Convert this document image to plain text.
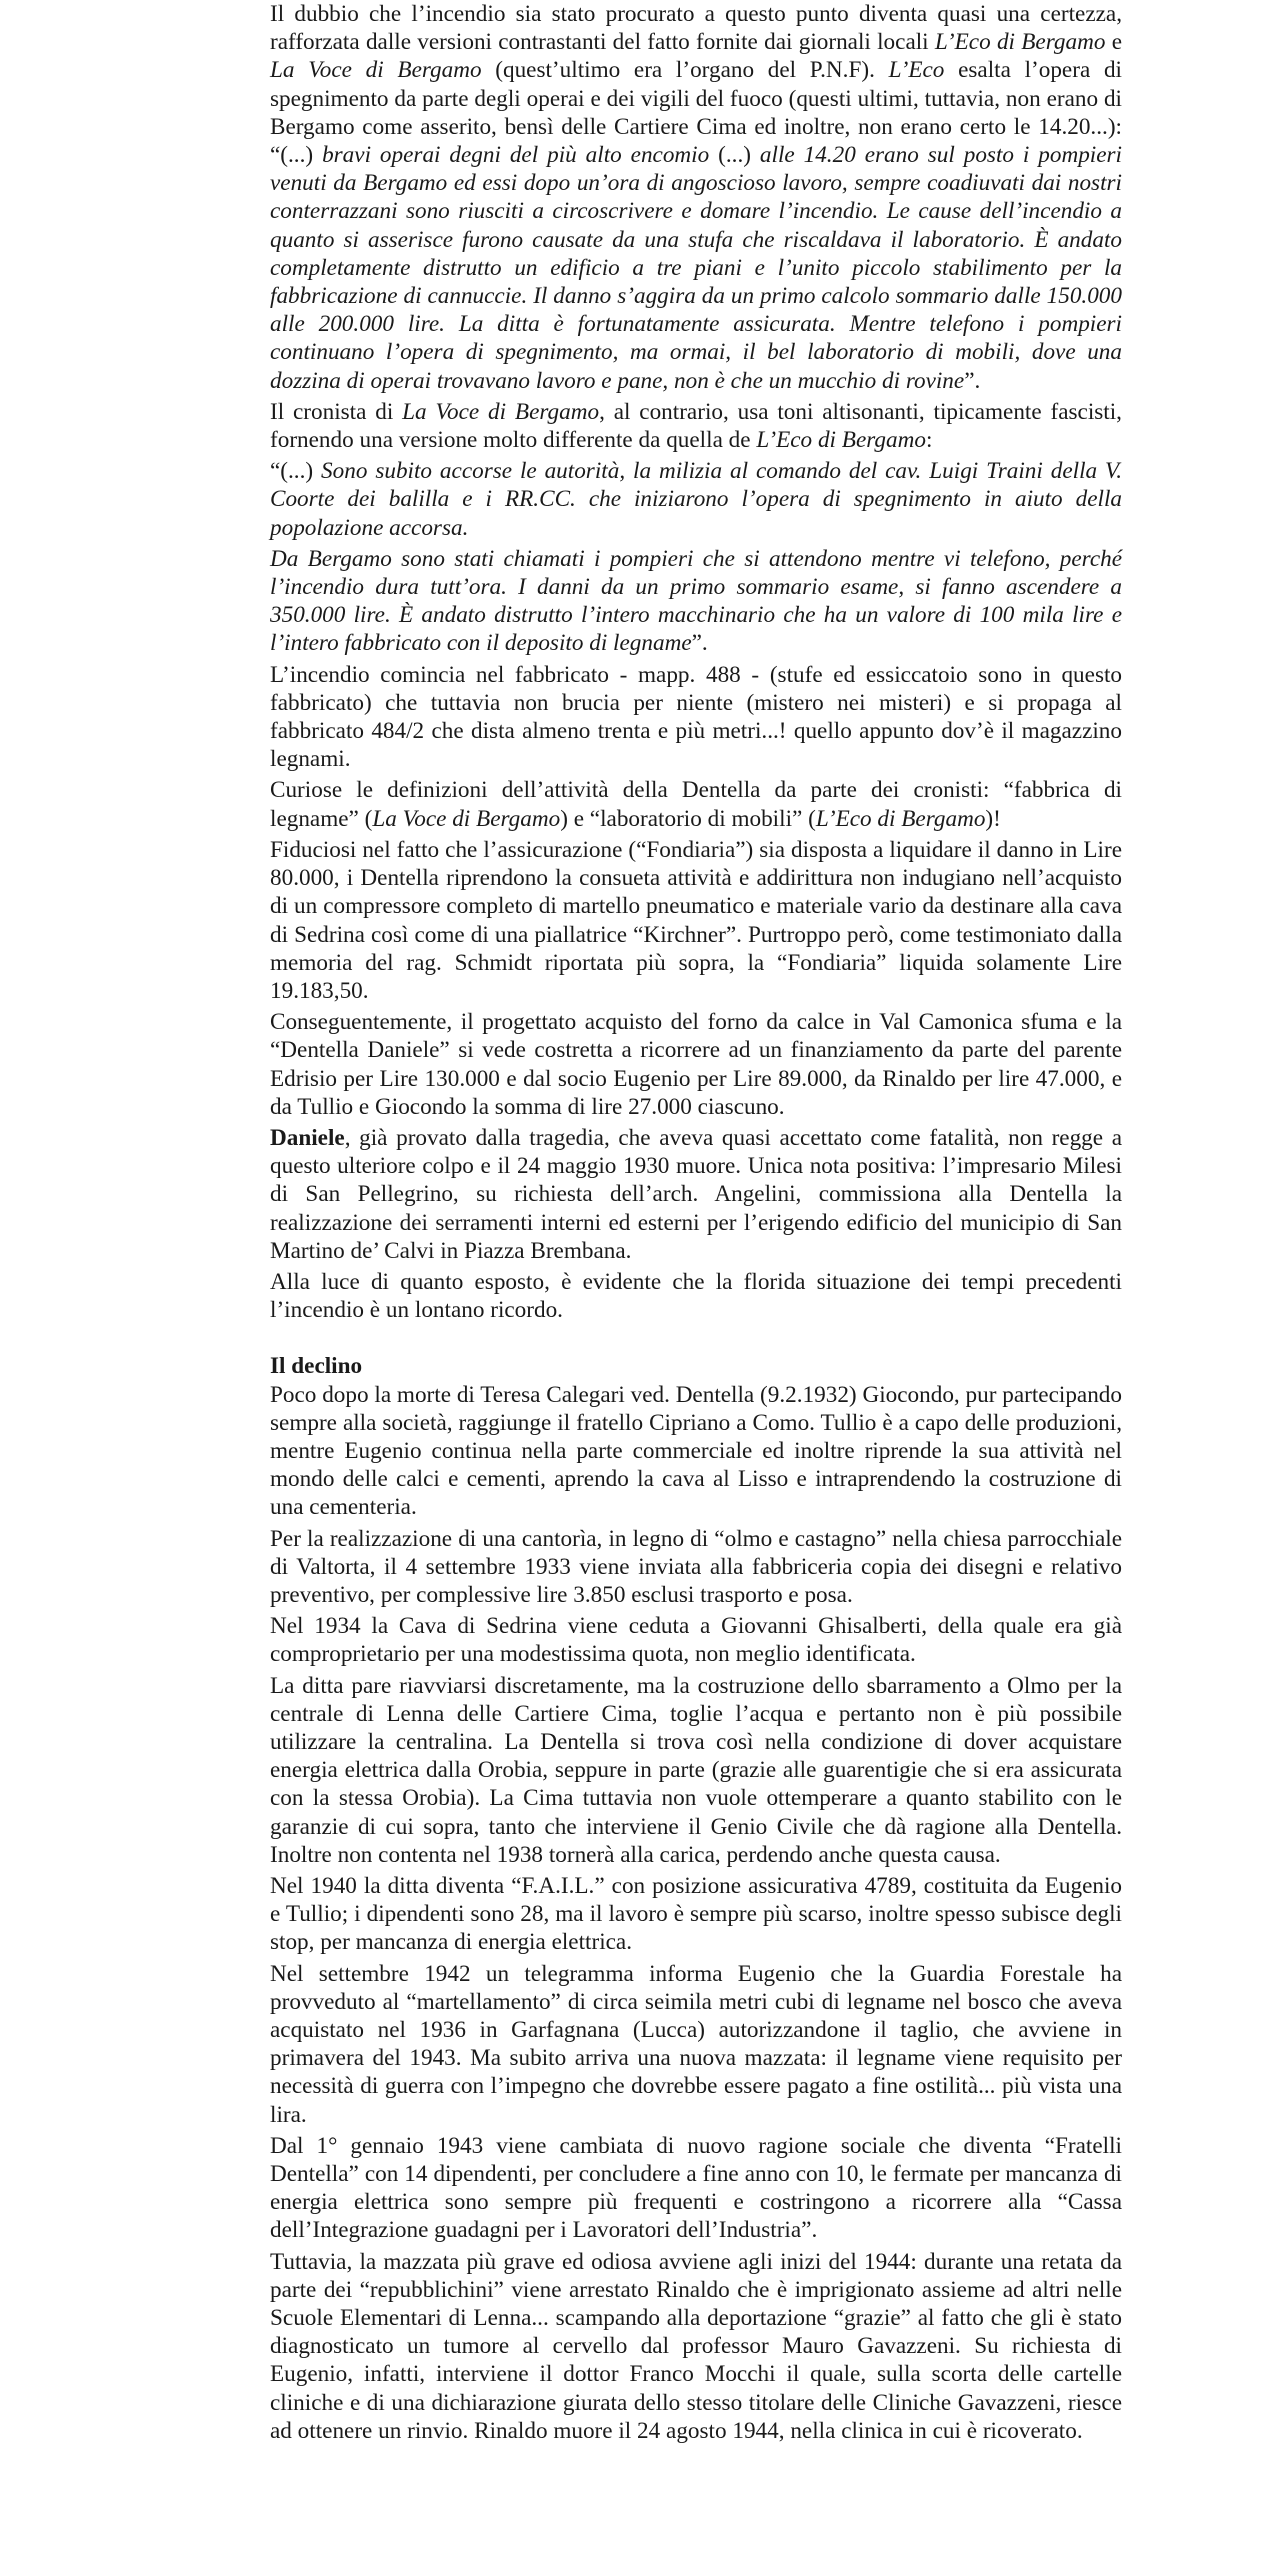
Il dubbio che l’incendio sia stato procurato a questo punto diventa quasi una certezza, rafforzata dalle versioni contrastanti del fatto fornite dai giornali locali L’Eco di Bergamo e La Voce di Bergamo (quest’ultimo era l’organo del P.N.F). L’Eco esalta l’opera di spegnimento da parte degli operai e dei vigili del fuoco (questi ultimi, tuttavia, non erano di Bergamo come asserito, bensì delle Cartiere Cima ed inoltre, non erano certo le 14.20...): “(...) bravi operai degni del più alto encomio (...) alle 14.20 erano sul posto i pompieri venuti da Bergamo ed essi dopo un’ora di angoscioso lavoro, sempre coadiuvati dai nostri conterrazzani sono riusciti a circoscrivere e domare l’incendio. Le cause dell’incendio a quanto si asserisce furono causate da una stufa che riscaldava il laboratorio. È andato completamente distrutto un edificio a tre piani e l’unito piccolo stabilimento per la fabbricazione di cannuccie. Il danno s’aggira da un primo calcolo sommario dalle 150.000 alle 200.000 lire. La ditta è fortunatamente assicurata. Mentre telefono i pompieri continuano l’opera di spegnimento, ma ormai, il bel laboratorio di mobili, dove una dozzina di operai trovavano lavoro e pane, non è che un mucchio di rovine”.

Il cronista di La Voce di Bergamo, al contrario, usa toni altisonanti, tipicamente fascisti, fornendo una versione molto differente da quella de L’Eco di Bergamo:

“(...) Sono subito accorse le autorità, la milizia al comando del cav. Luigi Traini della V. Coorte dei balilla e i RR.CC. che iniziarono l’opera di spegnimento in aiuto della popolazione accorsa.

Da Bergamo sono stati chiamati i pompieri che si attendono mentre vi telefono, perché l’incendio dura tutt’ora. I danni da un primo sommario esame, si fanno ascendere a 350.000 lire. È andato distrutto l’intero macchinario che ha un valore di 100 mila lire e l’intero fabbricato con il deposito di legname”.

L’incendio comincia nel fabbricato - mapp. 488 - (stufe ed essiccatoio sono in questo fabbricato) che tuttavia non brucia per niente (mistero nei misteri) e si propaga al fabbricato 484/2 che dista almeno trenta e più metri...! quello appunto dov’è il magazzino legnami.

Curiose le definizioni dell’attività della Dentella da parte dei cronisti: “fabbrica di legname” (La Voce di Bergamo) e “laboratorio di mobili” (L’Eco di Bergamo)!

Fiduciosi nel fatto che l’assicurazione (“Fondiaria”) sia disposta a liquidare il danno in Lire 80.000, i Dentella riprendono la consueta attività e addirittura non indugiano nell’acquisto di un compressore completo di martello pneumatico e materiale vario da destinare alla cava di Sedrina così come di una piallatrice “Kirchner”. Purtroppo però, come testimoniato dalla memoria del rag. Schmidt riportata più sopra, la “Fondiaria” liquida solamente Lire 19.183,50.

Conseguentemente, il progettato acquisto del forno da calce in Val Camonica sfuma e la “Dentella Daniele” si vede costretta a ricorrere ad un finanziamento da parte del parente Edrisio per Lire 130.000 e dal socio Eugenio per Lire 89.000, da Rinaldo per lire 47.000, e da Tullio e Giocondo la somma di lire 27.000 ciascuno.

Daniele, già provato dalla tragedia, che aveva quasi accettato come fatalità, non regge a questo ulteriore colpo e il 24 maggio 1930 muore. Unica nota positiva: l’impresario Milesi di San Pellegrino, su richiesta dell’arch. Angelini, commissiona alla Dentella la realizzazione dei serramenti interni ed esterni per l’erigendo edificio del municipio di San Martino de’ Calvi in Piazza Brembana.

Alla luce di quanto esposto, è evidente che la florida situazione dei tempi precedenti l’incendio è un lontano ricordo.

Il declino

Poco dopo la morte di Teresa Calegari ved. Dentella (9.2.1932) Giocondo, pur partecipando sempre alla società, raggiunge il fratello Cipriano a Como. Tullio è a capo delle produzioni, mentre Eugenio continua nella parte commerciale ed inoltre riprende la sua attività nel mondo delle calci e cementi, aprendo la cava al Lisso e intraprendendo la costruzione di una cementeria.

Per la realizzazione di una cantorìa, in legno di “olmo e castagno” nella chiesa parrocchiale di Valtorta, il 4 settembre 1933 viene inviata alla fabbriceria copia dei disegni e relativo preventivo, per complessive lire 3.850 esclusi trasporto e posa.

Nel 1934 la Cava di Sedrina viene ceduta a Giovanni Ghisalberti, della quale era già comproprietario per una modestissima quota, non meglio identificata.

La ditta pare riavviarsi discretamente, ma la costruzione dello sbarramento a Olmo per la centrale di Lenna delle Cartiere Cima, toglie l’acqua e pertanto non è più possibile utilizzare la centralina. La Dentella si trova così nella condizione di dover acquistare energia elettrica dalla Orobia, seppure in parte (grazie alle guarentigie che si era assicurata con la stessa Orobia). La Cima tuttavia non vuole ottemperare a quanto stabilito con le garanzie di cui sopra, tanto che interviene il Genio Civile che dà ragione alla Dentella. Inoltre non contenta nel 1938 tornerà alla carica, perdendo anche questa causa.

Nel 1940 la ditta diventa “F.A.I.L.” con posizione assicurativa 4789, costituita da Eugenio e Tullio; i dipendenti sono 28, ma il lavoro è sempre più scarso, inoltre spesso subisce degli stop, per mancanza di energia elettrica.

Nel settembre 1942 un telegramma informa Eugenio che la Guardia Forestale ha provveduto al “martellamento” di circa seimila metri cubi di legname nel bosco che aveva acquistato nel 1936 in Garfagnana (Lucca) autorizzandone il taglio, che avviene in primavera del 1943. Ma subito arriva una nuova mazzata: il legname viene requisito per necessità di guerra con l’impegno che dovrebbe essere pagato a fine ostilità... più vista una lira.

Dal 1° gennaio 1943 viene cambiata di nuovo ragione sociale che diventa “Fratelli Dentella” con 14 dipendenti, per concludere a fine anno con 10, le fermate per mancanza di energia elettrica sono sempre più frequenti e costringono a ricorrere alla “Cassa dell’Integrazione guadagni per i Lavoratori dell’Industria”.

Tuttavia, la mazzata più grave ed odiosa avviene agli inizi del 1944: durante una retata da parte dei “repubblichini” viene arrestato Rinaldo che è imprigionato assieme ad altri nelle Scuole Elementari di Lenna... scampando alla deportazione “grazie” al fatto che gli è stato diagnosticato un tumore al cervello dal professor Mauro Gavazzeni. Su richiesta di Eugenio, infatti, interviene il dottor Franco Mocchi il quale, sulla scorta delle cartelle cliniche e di una dichiarazione giurata dello stesso titolare delle Cliniche Gavazzeni, riesce ad ottenere un rinvio. Rinaldo muore il 24 agosto 1944, nella clinica in cui è ricoverato.
